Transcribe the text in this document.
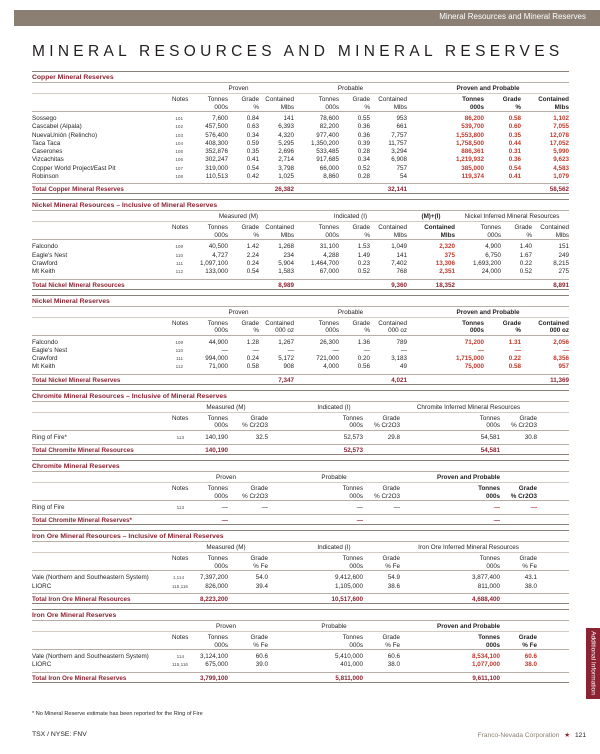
Mineral Resources and Mineral Reserves
MINERAL RESOURCES AND MINERAL RESERVES
Copper Mineral Reserves
Proven	Probable	Proven and Probable
Notes	Tonnes
000s
Grade
%
Contained
Mlbs
Tonnes
000s
Grade
%
Contained
Mlbs
Tonnes
000s
Grade
%
Contained
Mlbs
Sossego	101	7,600	0.84	141	78,600	0.55	953	86,200	0.58	1,102
Cascabel (Alpala)	102	457,500	0.63	6,393	82,200	0.36	661	539,700	0.60	7,055
NuevaUnión (Relincho)	103	576,400	0.34	4,320	977,400	0.36	7,757	1,553,800	0.35	12,078
Taca Taca	104	408,300	0.59	5,295	1,350,200	0.39	11,757	1,758,500	0.44	17,052
Caserones	105	352,876	0.35	2,696	533,485	0.28	3,294	886,361	0.31	5,990
Vizcachitas	106	302,247	0.41	2,714	917,685	0.34	6,908	1,219,932	0.36	9,623
Copper World Project/East Pit	107	319,000	0.54	3,798	66,000	0.52	757	385,000	0.54	4,583
Robinson	108	110,513	0.42	1,025	8,860	0.28	54	119,374	0.41	1,079
Total Copper Mineral Reserves	26,382	32,141	58,562
Nickel Mineral Resources – Inclusive of Mineral Reserves
Measured (M)	Indicated (I)	(M)+(I)	Nickel Inferred Mineral Resources
Notes	Tonnes
000s
Grade
%
Contained
Mlbs
Tonnes
000s
Grade
%
Contained
Mlbs
Contained
Mlbs
Tonnes
000s
Grade
%
Contained
Mlbs
Falcondo	109	40,500	1.42	1,268	31,100	1.53	1,049	2,320	4,900	1.40	151
Eagle's Nest	110	4,727	2.24	234	4,288	1.49	141	375	6,750	1.67	249
Crawford	111	1,097,100	0.24	5,904	1,464,700	0.23	7,402	13,306	1,693,200	0.22	8,215
Mt Keith	112	133,000	0.54	1,583	67,000	0.52	768	2,351	24,000	0.52	275
Total Nickel Mineral Resources	8,989	9,360	18,352	8,891
Nickel Mineral Reserves
Proven	Probable	Proven and Probable
Notes	Tonnes
000s
Grade
%
Contained
000 oz
Tonnes
000s
Grade
%
Contained
000 oz
Tonnes
000s
Grade
%
Contained
000 oz
Falcondo	109	44,900	1.28	1,267	26,300	1.36	789	71,200	1.31	2,056
Eagle's Nest	110	—	—	—	—	—	—	—	—	—
Crawford	111	994,000	0.24	5,172	721,000	0.20	3,183	1,715,000	0.22	8,356
Mt Keith	112	71,000	0.58	908	4,000	0.56	49	75,000	0.58	957
Total Nickel Mineral Reserves	7,347	4,021	11,369
Chromite Mineral Resources – Inclusive of Mineral Reserves
Measured (M)	Indicated (I)	Chromite Inferred Mineral Resources
Notes	Tonnes
000s
Grade
% Cr2O3
Tonnes
000s
Grade
% Cr2O3
Tonnes
000s
Grade
% Cr2O3
Ring of Fire*	113	140,190	32.5	52,573	29.8	54,581	30.8
Total Chromite Mineral Resources	140,190	52,573	54,581
Chromite Mineral Reserves
Proven	Probable	Proven and Probable
Notes	Tonnes
000s
Grade
% Cr2O3
Tonnes
000s
Grade
% Cr2O3
Tonnes
000s
Grade
% Cr2O3
Ring of Fire	113	—	—	—	—	—	—
Total Chromite Mineral Reserves*	—	—	—
Iron Ore Mineral Resources – Inclusive of Mineral Reserves
Measured (M)	Indicated (I)	Iron Ore Inferred Mineral Resources
Notes	Tonnes
000s
Grade
% Fe
Tonnes
000s
Grade
% Fe
Tonnes
000s
Grade
% Fe
Vale (Northern and Southeastern System)	1,114	7,397,200	54.0	9,412,600	54.9	3,877,400	43.1
LIORC	115,116	826,000	39.4	1,105,000	38.6	811,000	38.0
Total Iron Ore Mineral Resources	8,223,200	10,517,600	4,688,400
Iron Ore Mineral Reserves
Proven	Probable	Proven and Probable
Notes	Tonnes
000s
Grade
% Fe
Tonnes
000s
Grade
% Fe
Tonnes
000s
Grade
% Fe
Vale (Northern and Southeastern System)	114	3,124,100	60.6	5,410,000	60.6	8,534,100	60.6
LIORC	115,116	675,000	39.0	401,000	38.0	1,077,000	38.0
Total Iron Ore Mineral Reserves	3,799,100	5,811,000	9,611,100
* No Mineral Reserve estimate has been reported for the Ring of Fire
Additional Information
TSX / NYSE: FNV	Franco-Nevada Corporation ★ 121
